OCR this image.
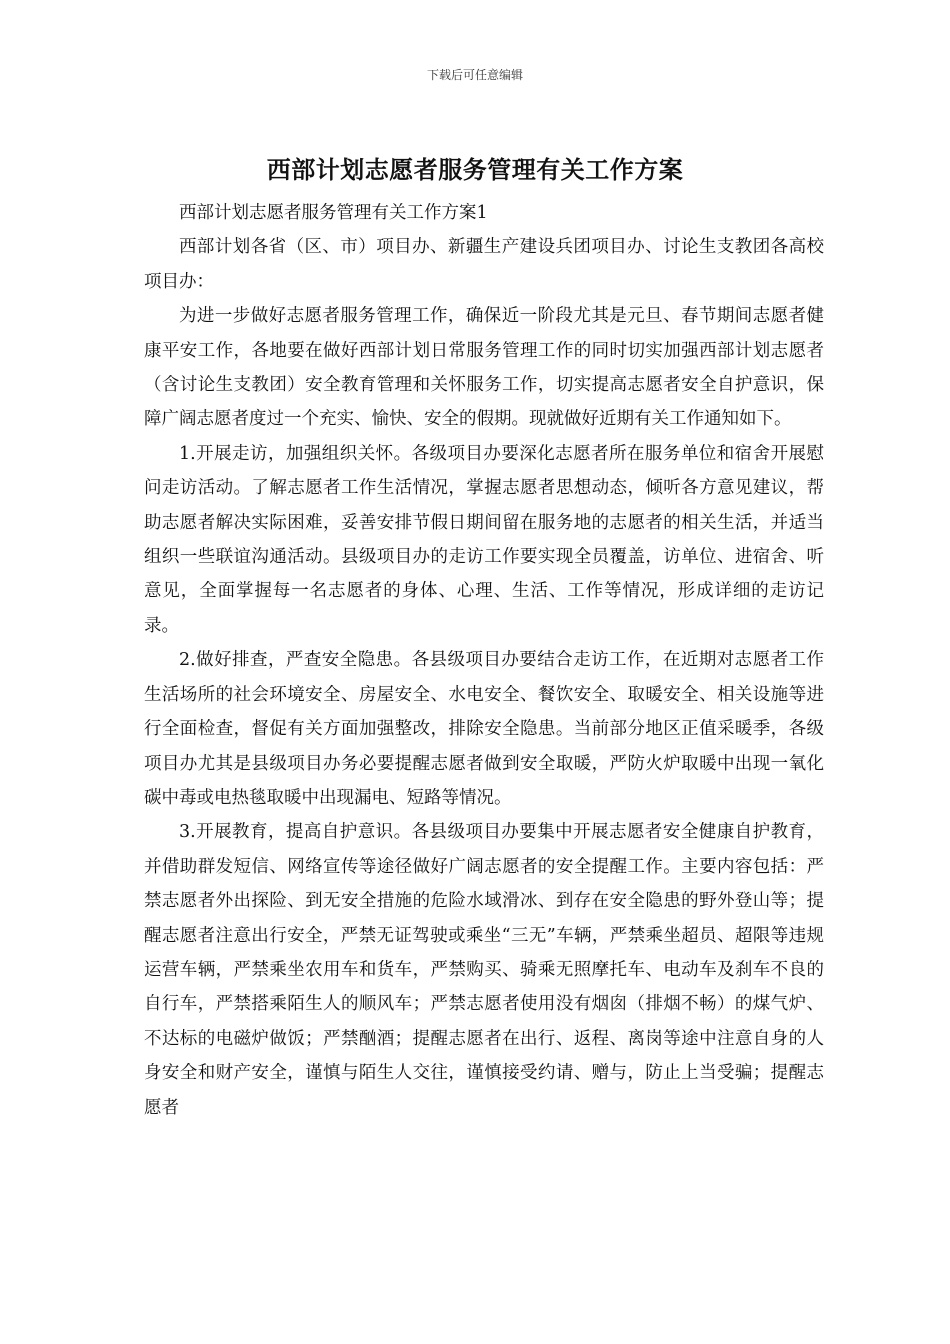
下载后可任意编辑
西部计划志愿者服务管理有关工作方案

西部计划志愿者服务管理有关工作方案1

西部计划各省（区、市）项目办、新疆生产建设兵团项目办、讨论生支教团各高校项目办：

为进一步做好志愿者服务管理工作，确保近一阶段尤其是元旦、春节期间志愿者健康平安工作，各地要在做好西部计划日常服务管理工作的同时切实加强西部计划志愿者（含讨论生支教团）安全教育管理和关怀服务工作，切实提高志愿者安全自护意识，保障广阔志愿者度过一个充实、愉快、安全的假期。现就做好近期有关工作通知如下。

1.开展走访，加强组织关怀。各级项目办要深化志愿者所在服务单位和宿舍开展慰问走访活动。了解志愿者工作生活情况，掌握志愿者思想动态，倾听各方意见建议，帮助志愿者解决实际困难，妥善安排节假日期间留在服务地的志愿者的相关生活，并适当组织一些联谊沟通活动。县级项目办的走访工作要实现全员覆盖，访单位、进宿舍、听意见，全面掌握每一名志愿者的身体、心理、生活、工作等情况，形成详细的走访记录。

2.做好排查，严查安全隐患。各县级项目办要结合走访工作，在近期对志愿者工作生活场所的社会环境安全、房屋安全、水电安全、餐饮安全、取暖安全、相关设施等进行全面检查，督促有关方面加强整改，排除安全隐患。当前部分地区正值采暖季，各级项目办尤其是县级项目办务必要提醒志愿者做到安全取暖，严防火炉取暖中出现一氧化碳中毒或电热毯取暖中出现漏电、短路等情况。

3.开展教育，提高自护意识。各县级项目办要集中开展志愿者安全健康自护教育，并借助群发短信、网络宣传等途径做好广阔志愿者的安全提醒工作。主要内容包括：严禁志愿者外出探险、到无安全措施的危险水域滑冰、到存在安全隐患的野外登山等；提醒志愿者注意出行安全，严禁无证驾驶或乘坐“三无”车辆，严禁乘坐超员、超限等违规运营车辆，严禁乘坐农用车和货车，严禁购买、骑乘无照摩托车、电动车及刹车不良的自行车，严禁搭乘陌生人的顺风车；严禁志愿者使用没有烟囱（排烟不畅）的煤气炉、不达标的电磁炉做饭；严禁酗酒；提醒志愿者在出行、返程、离岗等途中注意自身的人身安全和财产安全，谨慎与陌生人交往，谨慎接受约请、赠与，防止上当受骗；提醒志愿者
